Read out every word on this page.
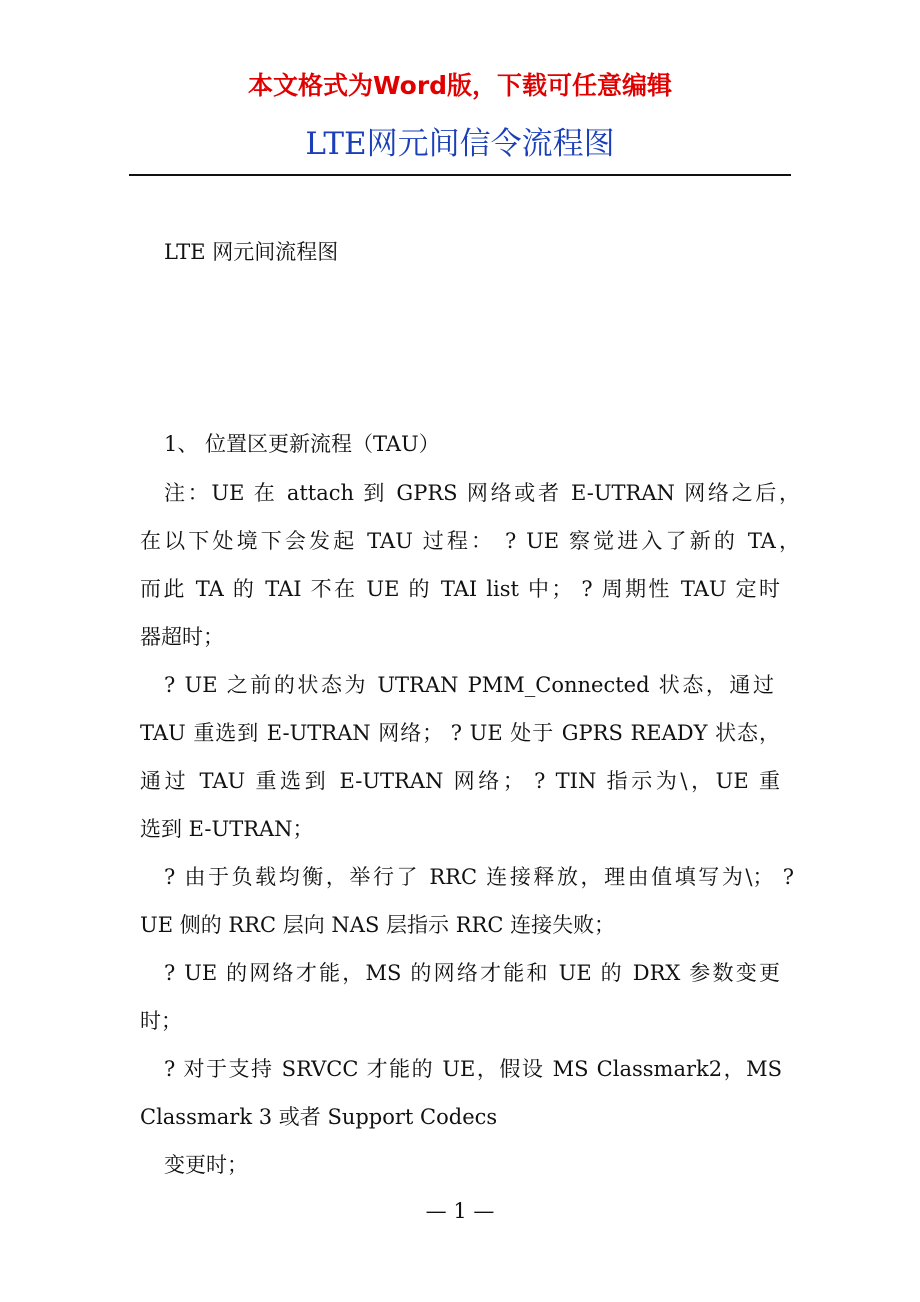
本文格式为Word版，下载可任意编辑
LTE网元间信令流程图
LTE 网元间流程图
1、 位置区更新流程（TAU）
注：UE 在 attach 到 GPRS 网络或者 E-UTRAN 网络之后，
在以下处境下会发起 TAU 过程： ? UE 察觉进入了新的 TA，
而此 TA 的 TAI 不在 UE 的 TAI list 中； ? 周期性 TAU 定时
器超时；
? UE 之前的状态为 UTRAN PMM_Connected 状态，通过
TAU 重选到 E-UTRAN 网络； ? UE 处于 GPRS READY 状态，
通过 TAU 重选到 E-UTRAN 网络； ? TIN 指示为\，UE 重
选到 E-UTRAN；
? 由于负载均衡，举行了 RRC 连接释放，理由值填写为\； ?
UE 侧的 RRC 层向 NAS 层指示 RRC 连接失败；
? UE 的网络才能，MS 的网络才能和 UE 的 DRX 参数变更
时；
? 对于支持 SRVCC 才能的 UE，假设 MS Classmark2，MS
Classmark 3 或者 Support Codecs
变更时；
— 1 —
